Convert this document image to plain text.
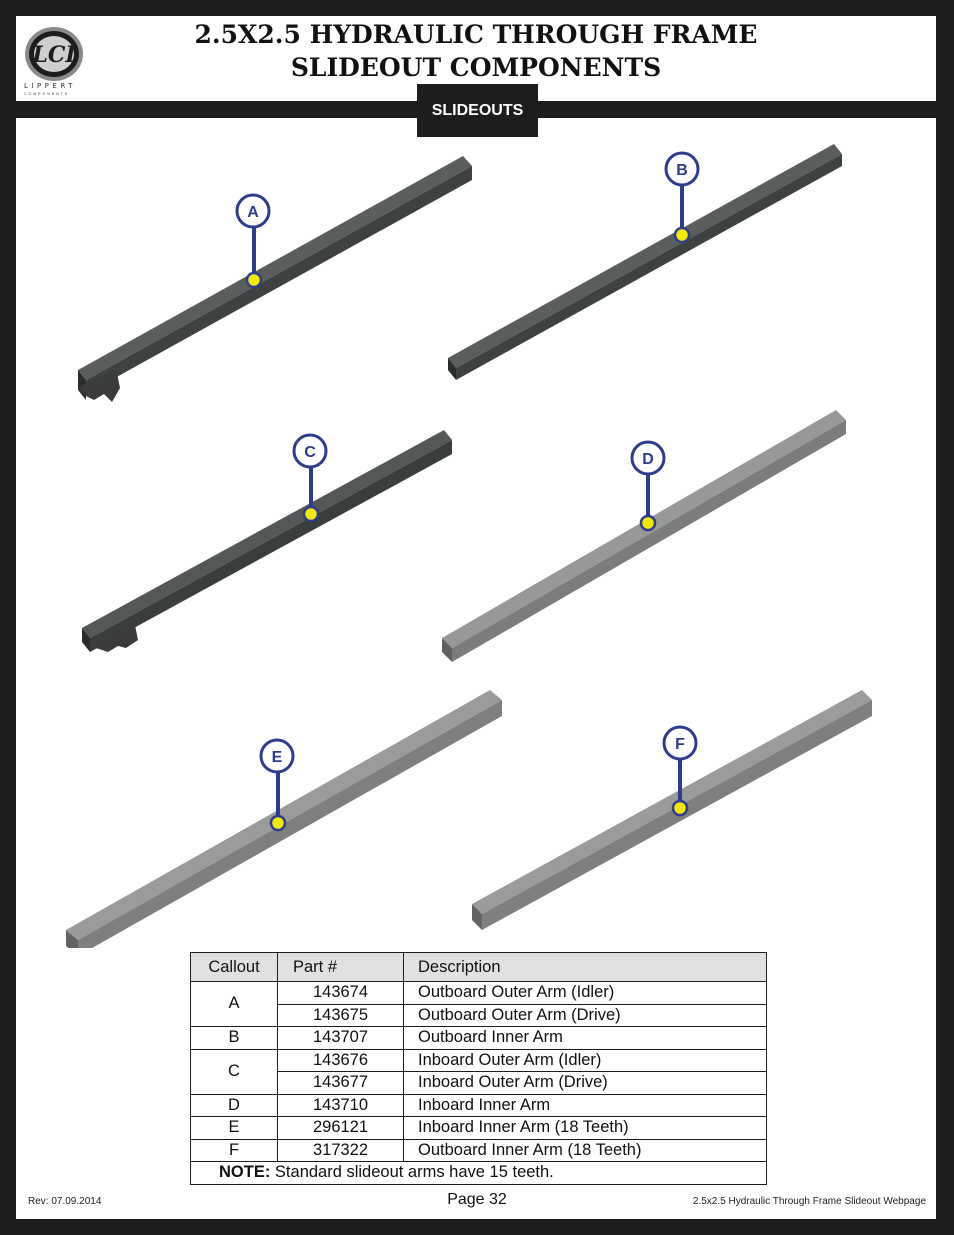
LCI
LIPPERT
COMPONENTS
2.5X2.5 HYDRAULIC THROUGH FRAME
SLIDEOUT COMPONENTS
A
B
C	D
E
F
Callout	Part #	Description
A	143674	Outboard Outer Arm (Idler)
	143675	Outboard Outer Arm (Drive)
B	143707	Outboard Inner Arm
C	143676	Inboard Outer Arm (Idler)
	143677	Inboard Outer Arm (Drive)
D	143710	Inboard Inner Arm
E	296121	Inboard Inner Arm (18 Teeth)
F	317322	Outboard Inner Arm (18 Teeth)
NOTE: Standard slideout arms have 15 teeth.		
SLIDEOUTS
Rev: 07.09.2014	Page 32	2.5x2.5 Hydraulic Through Frame Slideout Webpage
